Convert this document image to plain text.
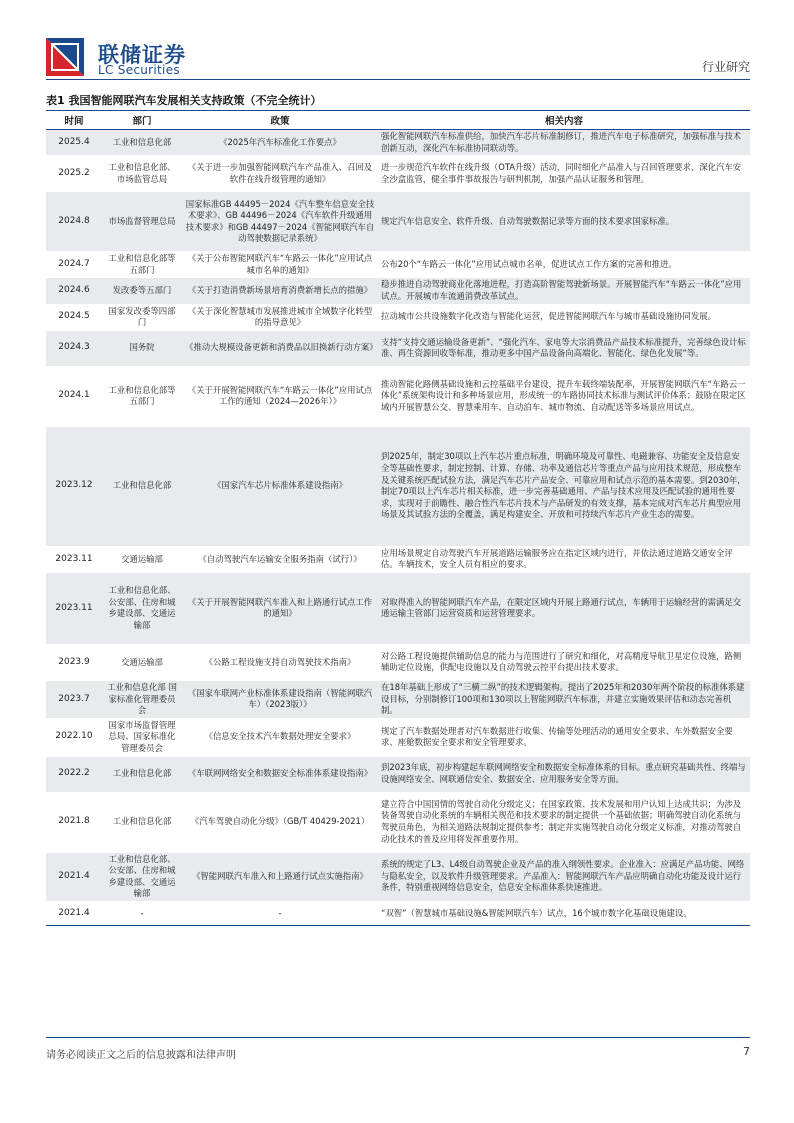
联储证券
LC Securities	行业研究
表1 我国智能网联汽车发展相关支持政策（不完全统计）
时间	部门	政策	相关内容
2025.4	工业和信息化部	《2025年汽车标准化工作要点》	强化智能网联汽车标准供给，加快汽车芯片标准制修订，推进汽车电子标准研究，加强标准与技术创新互动，深化汽车标准协同联动等。
2025.2	工业和信息化部、市场监管总局	《关于进一步加强智能网联汽车产品准入、召回及软件在线升级管理的通知》	进一步规范汽车软件在线升级（OTA升级）活动，同时细化产品准入与召回管理要求，深化汽车安全沙盒监管，健全事件事故报告与研判机制，加强产品认证服务和管理。
2024.8	市场监督管理总局	国家标准GB 44495－2024《汽车整车信息安全技术要求》、GB 44496－2024《汽车软件升级通用技术要求》和GB 44497－2024《智能网联汽车自动驾驶数据记录系统》	规定汽车信息安全、软件升级、自动驾驶数据记录等方面的技术要求国家标准。
2024.7	工业和信息化部等五部门	《关于公布智能网联汽车“车路云一体化”应用试点城市名单的通知》	公布20个“车路云一体化”应用试点城市名单，促进试点工作方案的完善和推进。
2024.6	发改委等五部门	《关于打造消费新场景培育消费新增长点的措施》	稳步推进自动驾驶商业化落地进程，打造高阶智能驾驶新场景。开展智能汽车“车路云一体化”应用试点。开展城市车流通消费改革试点。
2024.5	国家发改委等四部门	《关于深化智慧城市发展推进城市全域数字化转型的指导意见》	拉动城市公共设施数字化改造与智能化运营，促进智能网联汽车与城市基础设施协同发展。
2024.3	国务院	《推动大规模设备更新和消费品以旧换新行动方案》	支持“支持交通运输设备更新”、“强化汽车、家电等大宗消费品产品技术标准提升，完善绿色设计标准、再生资源回收等标准，推动更多中国产品设备向高端化、智能化、绿色化发展”等。
2024.1	工业和信息化部等五部门	《关于开展智能网联汽车“车路云一体化”应用试点工作的通知（2024—2026年）》	推动智能化路侧基础设施和云控基础平台建设，提升车载终端装配率，开展智能网联汽车“车路云一体化”系统架构设计和多种场景应用，形成统一的车路协同技术标准与测试评价体系；鼓励在限定区域内开展智慧公交、智慧乘用车、自动泊车、城市物流、自动配送等多场景应用试点。
2023.12	工业和信息化部	《国家汽车芯片标准体系建设指南》	到2025年，制定30项以上汽车芯片重点标准，明确环境及可靠性、电磁兼容、功能安全及信息安全等基础性要求，制定控制、计算、存储、功率及通信芯片等重点产品与应用技术规范，形成整车及关键系统匹配试验方法，满足汽车芯片产品安全、可靠应用和试点示范的基本需要。到2030年，制定70项以上汽车芯片相关标准，进一步完善基础通用、产品与技术应用及匹配试验的通用性要求，实现对于前瞻性、融合性汽车芯片技术与产品研发的有效支撑，基本完成对汽车芯片典型应用场景及其试验方法的全覆盖，满足构建安全、开放和可持续汽车芯片产业生态的需要。
2023.11	交通运输部	《自动驾驶汽车运输安全服务指南（试行）》	应用场景规定自动驾驶汽车开展道路运输服务应在指定区域内进行，并依法通过道路交通安全评估。车辆技术，安全人员有相应的要求。
2023.11	工业和信息化部、公安部、住房和城乡建设部、交通运输部	《关于开展智能网联汽车准入和上路通行试点工作的通知》	对取得准入的智能网联汽车产品，在限定区域内开展上路通行试点，车辆用于运输经营的需满足交通运输主管部门运营资质和运营管理要求。
2023.9	交通运输部	《公路工程设施支持自动驾驶技术指南》	对公路工程设施提供辅助信息的能力与范围进行了研究和细化，对高精度导航卫星定位设施，路侧辅助定位设施，供配电设施以及自动驾驶云控平台提出技术要求。
2023.7	工业和信息化部 国家标准化管理委员会	《国家车联网产业标准体系建设指南（智能网联汽车）（2023版）》	在18年基础上形成了“三横二纵”的技术逻辑架构。提出了2025年和2030年两个阶段的标准体系建设目标，分别制修订100项和130项以上智能网联汽车标准，并建立实施效果评估和动态完善机制。
2022.10	国家市场监督管理总局、国家标准化管理委员会	《信息安全技术汽车数据处理安全要求》	规定了汽车数据处理者对汽车数据进行收集、传输等处理活动的通用安全要求、车外数据安全要求、座舱数据安全要求和安全管理要求。
2022.2	工业和信息化部	《车联网网络安全和数据安全标准体系建设指南》	到2023年底，初步构建起车联网网络安全和数据安全标准体系的目标。重点研究基础共性、终端与设施网络安全、网联通信安全、数据安全、应用服务安全等方面。
2021.8	工业和信息化部	《汽车驾驶自动化分级》（GB/T 40429-2021）	建立符合中国国情的驾驶自动化分级定义；在国家政策、技术发展和用户认知上达成共识；为涉及装备驾驶自动化系统的车辆相关规范和技术要求的制定提供一个基础依据；明确驾驶自动化系统与驾驶员角色，为相关道路法规制定提供参考；制定并实施驾驶自动化分级定义标准，对推动驾驶自动化技术的普及应用将发挥重要作用。
2021.4	工业和信息化部、公安部、住房和城乡建设部、交通运输部	《智能网联汽车准入和上路通行试点实施指南》	系统的规定了L3、L4级自动驾驶企业及产品的准入纲领性要求。企业准入：应满足产品功能、网络与隐私安全，以及软件升级管理要求。产品准入：智能网联汽车产品应明确自动化功能及设计运行条件，特别重视网络信息安全，信息安全标准体系快速推进。
2021.4	-	-	“双智”（智慧城市基础设施&智能网联汽车）试点，16个城市数字化基础设施建设。
请务必阅读正文之后的信息披露和法律声明	7
